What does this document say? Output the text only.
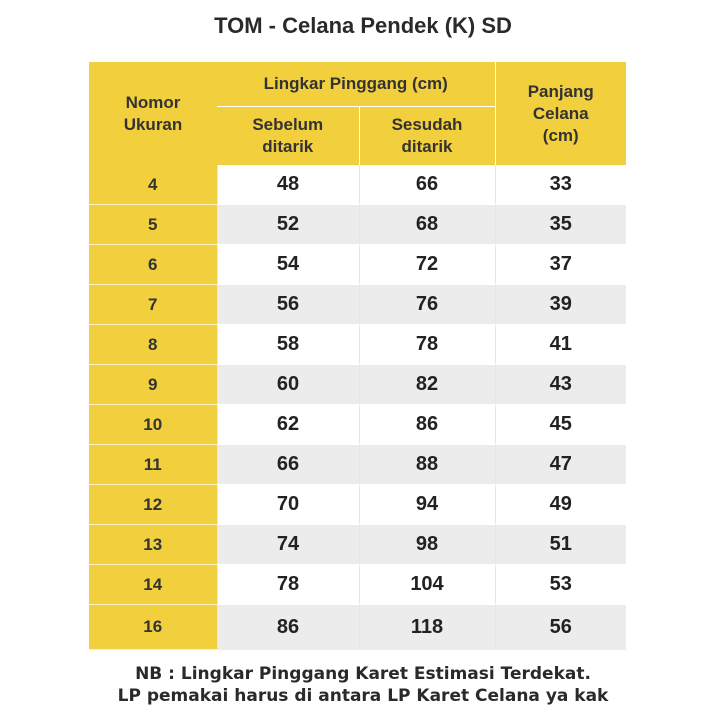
TOM - Celana Pendek (K) SD
Nomor Ukuran	Lingkar Pinggang (cm)		Panjang Celana (cm)

	Sebelum ditarik	Sesudah ditarik	

4	48	66	33
5	52	68	35
6	54	72	37
7	56	76	39
8	58	78	41
9	60	82	43
10	62	86	45
11	66	88	47
12	70	94	49
13	74	98	51
14	78	104	53
16	86	118	56
NB : Lingkar Pinggang Karet Estimasi Terdekat.
LP pemakai harus di antara LP Karet Celana ya kak
